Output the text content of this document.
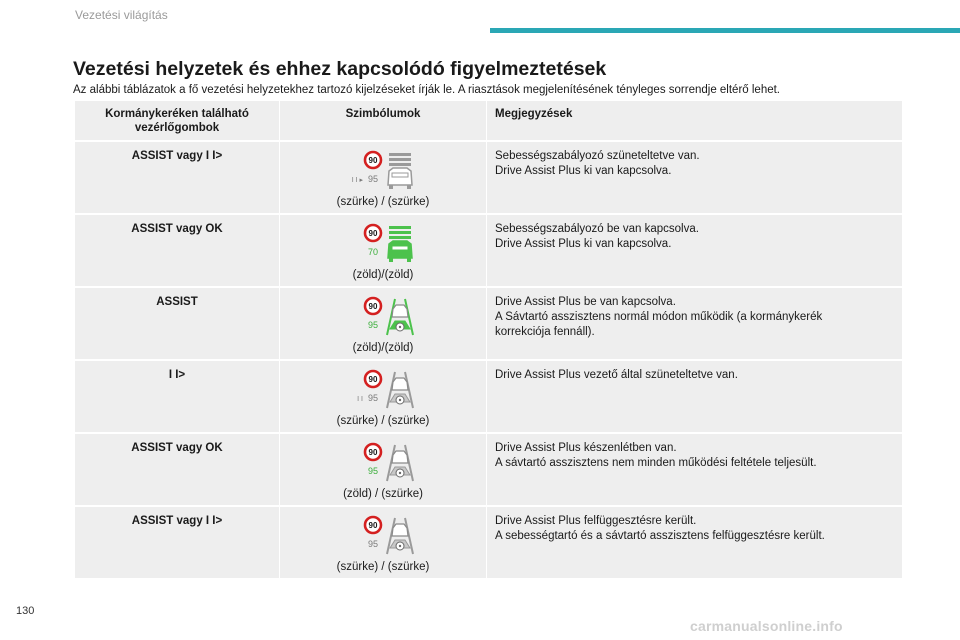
Vezetési világítás
Vezetési helyzetek és ehhez kapcsolódó figyelmeztetések
Az alábbi táblázatok a fő vezetési helyzetekhez tartozó kijelzéseket írják le. A riasztások megjelenítésének tényleges sorrendje eltérő lehet.
Kormánykeréken található
vezérlőgombok	Szimbólumok	Megjegyzések
ASSIST vagy I I>	90
I I ▸ 95
(szürke) / (szürke)	Sebességszabályozó szüneteltetve van.
Drive Assist Plus ki van kapcsolva.

ASSIST vagy OK	90
70
(zöld)/(zöld)	Sebességszabályozó be van kapcsolva.
Drive Assist Plus ki van kapcsolva.

ASSIST	90
95
(zöld)/(zöld)	Drive Assist Plus be van kapcsolva.
A Sávtartó asszisztens normál módon működik (a kormánykerék
korrekciója fennáll).

I I>	90
I I 95
(szürke) / (szürke)	Drive Assist Plus vezető által szüneteltetve van.

ASSIST vagy OK	90
95
(zöld) / (szürke)	Drive Assist Plus készenlétben van.
A sávtartó asszisztens nem minden működési feltétele teljesült.

ASSIST vagy I I>	90
95
(szürke) / (szürke)	Drive Assist Plus felfüggesztésre került.
A sebességtartó és a sávtartó asszisztens felfüggesztésre került.
130
carmanualsonline.info
